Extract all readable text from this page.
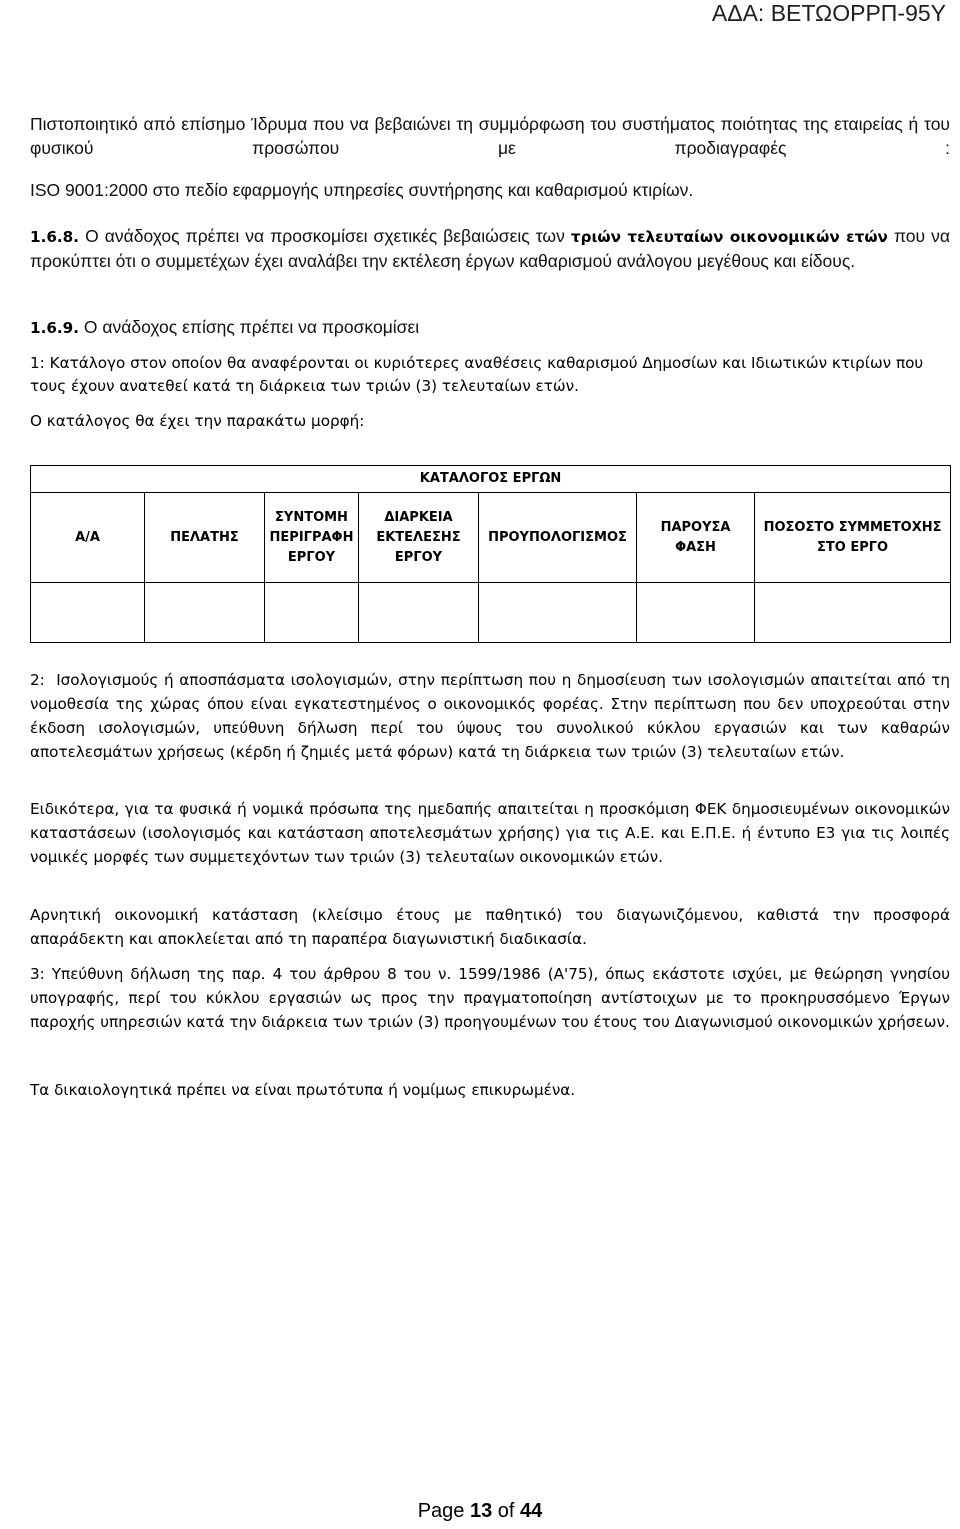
ΑΔΑ: ΒΕΤΩΟΡΡΠ-95Υ
Πιστοποιητικό από επίσημο Ίδρυμα που να βεβαιώνει τη συμμόρφωση του συστήματος ποιότητας της εταιρείας ή του φυσικού προσώπου με προδιαγραφές :
ISO 9001:2000 στο πεδίο εφαρμογής υπηρεσίες συντήρησης και καθαρισμού κτιρίων.
1.6.8. Ο ανάδοχος πρέπει να προσκομίσει σχετικές βεβαιώσεις των τριών τελευταίων οικονομικών ετών που να προκύπτει ότι ο συμμετέχων έχει αναλάβει την εκτέλεση έργων καθαρισμού ανάλογου μεγέθους και είδους.
1.6.9. Ο ανάδοχος επίσης πρέπει να προσκομίσει
1: Κατάλογο στον οποίον θα αναφέρονται οι κυριότερες αναθέσεις καθαρισμού Δημοσίων και Ιδιωτικών κτιρίων που τους έχουν ανατεθεί κατά τη διάρκεια των τριών (3) τελευταίων ετών.
Ο κατάλογος θα έχει την παρακάτω μορφή:
ΚΑΤΑΛΟΓΟΣ ΕΡΓΩΝ						
Α/Α	ΠΕΛΑΤΗΣ	ΣΥΝΤΟΜΗ ΠΕΡΙΓΡΑΦΗ ΕΡΓΟΥ	ΔΙΑΡΚΕΙΑ ΕΚΤΕΛΕΣΗΣ ΕΡΓΟΥ	ΠΡΟΥΠΟΛΟΓΙΣΜΟΣ	ΠΑΡΟΥΣΑ ΦΑΣΗ	ΠΟΣΟΣΤΟ ΣΥΜΜΕΤΟΧΗΣ ΣΤΟ ΕΡΓΟ

2: Ισολογισμούς ή αποσπάσματα ισολογισμών, στην περίπτωση που η δημοσίευση των ισολογισμών απαιτείται από τη νομοθεσία της χώρας όπου είναι εγκατεστημένος ο οικονομικός φορέας. Στην περίπτωση που δεν υποχρεούται στην έκδοση ισολογισμών, υπεύθυνη δήλωση περί του ύψους του συνολικού κύκλου εργασιών και των καθαρών αποτελεσμάτων χρήσεως (κέρδη ή ζημιές μετά φόρων) κατά τη διάρκεια των τριών (3) τελευταίων ετών.
Ειδικότερα, για τα φυσικά ή νομικά πρόσωπα της ημεδαπής απαιτείται η προσκόμιση ΦΕΚ δημοσιευμένων οικονομικών καταστάσεων (ισολογισμός και κατάσταση αποτελεσμάτων χρήσης) για τις Α.Ε. και Ε.Π.Ε. ή έντυπο Ε3 για τις λοιπές νομικές μορφές των συμμετεχόντων των τριών (3) τελευταίων οικονομικών ετών.
Αρνητική οικονομική κατάσταση (κλείσιμο έτους με παθητικό) του διαγωνιζόμενου, καθιστά την προσφορά απαράδεκτη και αποκλείεται από τη παραπέρα διαγωνιστική διαδικασία.
3: Υπεύθυνη δήλωση της παρ. 4 του άρθρου 8 του ν. 1599/1986 (Α'75), όπως εκάστοτε ισχύει, με θεώρηση γνησίου υπογραφής, περί του κύκλου εργασιών ως προς την πραγματοποίηση αντίστοιχων με το προκηρυσσόμενο Έργων παροχής υπηρεσιών κατά την διάρκεια των τριών (3) προηγουμένων του έτους του Διαγωνισμού οικονομικών χρήσεων.
Τα δικαιολογητικά πρέπει να είναι πρωτότυπα ή νομίμως επικυρωμένα.
Page 13 of 44
